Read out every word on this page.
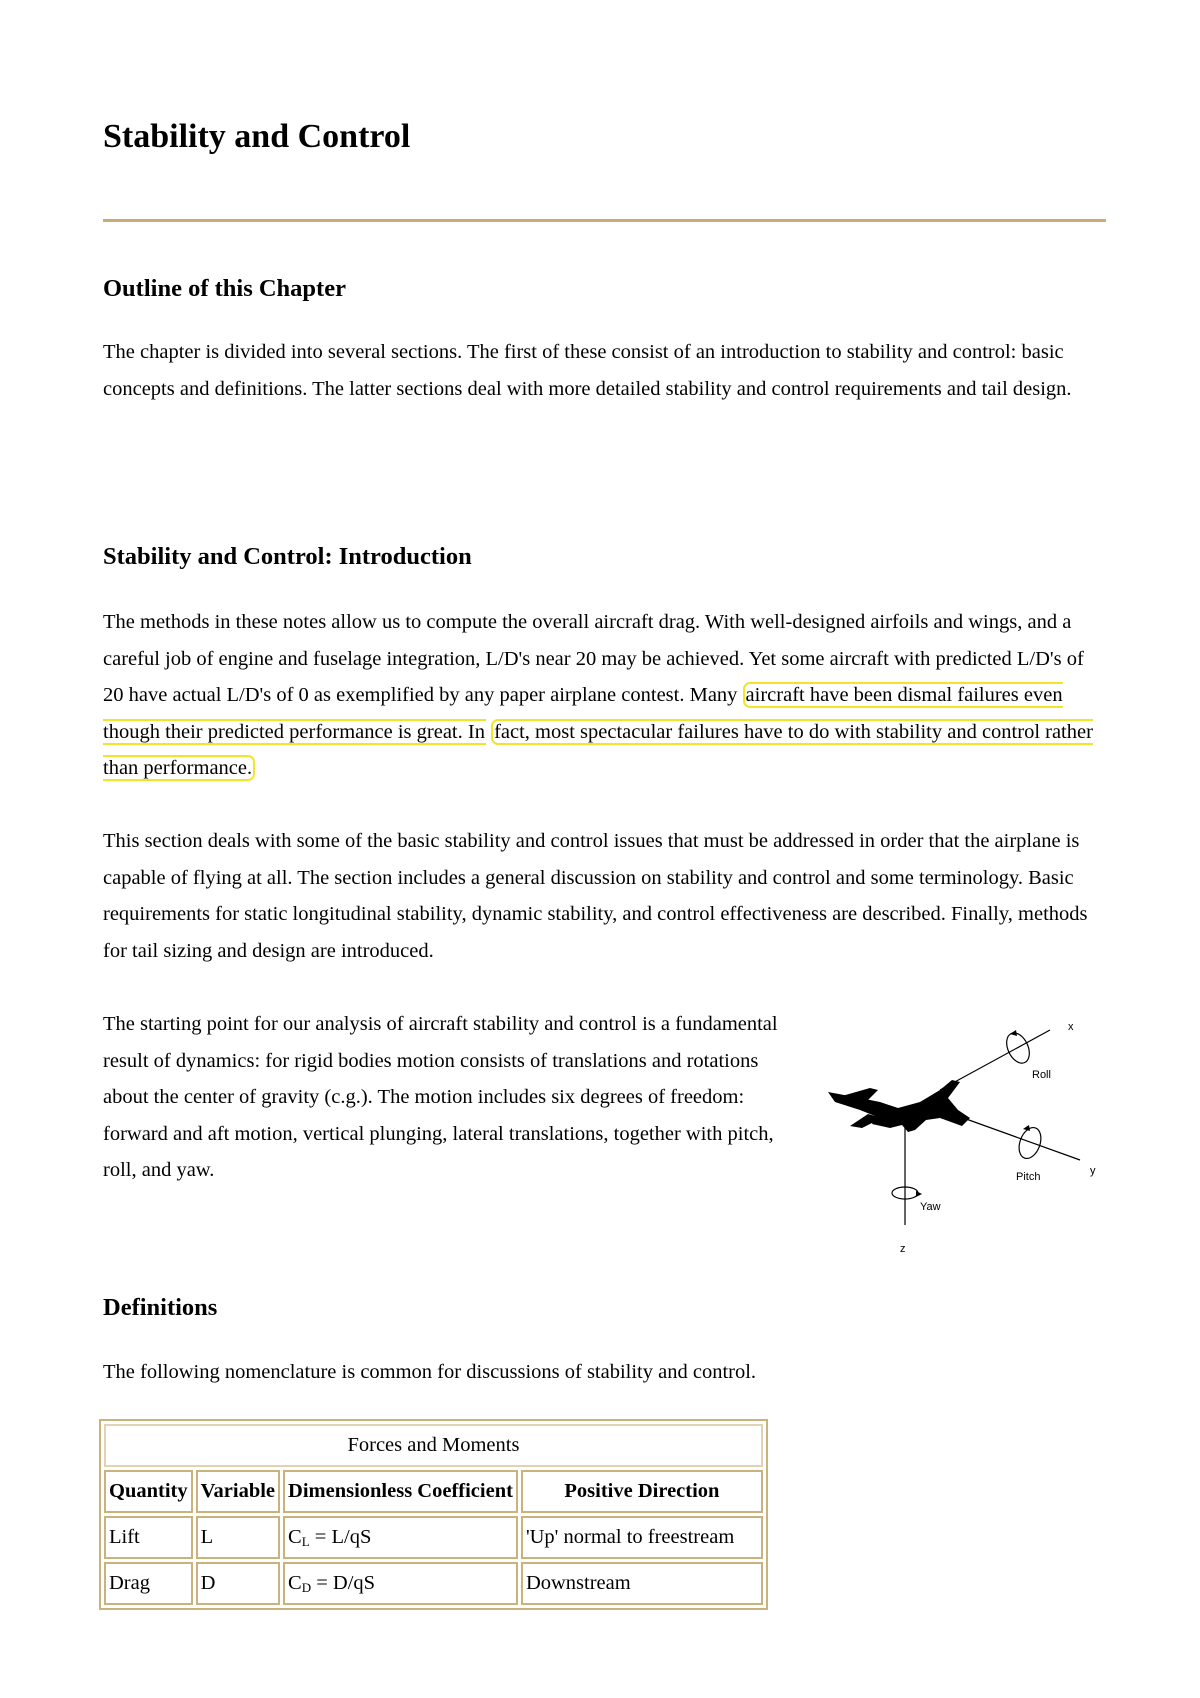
Stability and Control
Outline of this Chapter

The chapter is divided into several sections. The first of these consist of an introduction to stability and control: basic concepts and definitions. The latter sections deal with more detailed stability and control requirements and tail design.

Stability and Control: Introduction

The methods in these notes allow us to compute the overall aircraft drag. With well-designed airfoils and wings, and a careful job of engine and fuselage integration, L/D's near 20 may be achieved. Yet some aircraft with predicted L/D's of 20 have actual L/D's of 0 as exemplified by any paper airplane contest. Many aircraft have been dismal failures even though their predicted performance is great. In fact, most spectacular failures have to do with stability and control rather than performance.

This section deals with some of the basic stability and control issues that must be addressed in order that the airplane is capable of flying at all. The section includes a general discussion on stability and control and some terminology. Basic requirements for static longitudinal stability, dynamic stability, and control effectiveness are described. Finally, methods for tail sizing and design are introduced.

The starting point for our analysis of aircraft stability and control is a fundamental result of dynamics: for rigid bodies motion consists of translations and rotations about the center of gravity (c.g.). The motion includes six degrees of freedom: forward and aft motion, vertical plunging, lateral translations, together with pitch, roll, and yaw.

x
y
z
Roll
Pitch
Yaw
Definitions

The following nomenclature is common for discussions of stability and control.

Forces and Moments			
Quantity	Variable	Dimensionless Coefficient	Positive Direction
Lift	L	$C_L = L/qS$	'Up' normal to freestream
Drag	D	$C_D = D/qS$	Downstream
